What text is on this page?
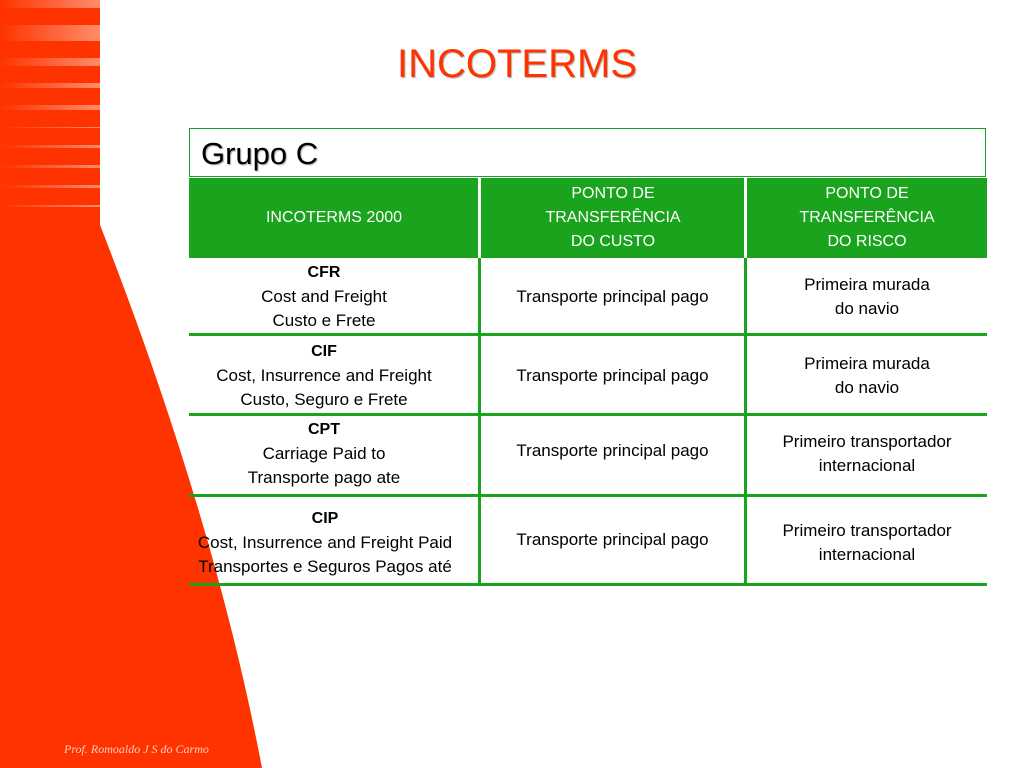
INCOTERMS
Grupo C
INCOTERMS 2000
PONTO DE
TRANSFERÊNCIA
DO CUSTO
PONTO DE
TRANSFERÊNCIA
DO RISCO
CFR
Cost and Freight
Custo e Frete
Transporte principal pago
Primeira murada
do navio
CIF
Cost, Insurrence and Freight
Custo, Seguro e Frete
Transporte principal pago
Primeira murada
do navio
CPT
Carriage Paid to
Transporte pago ate
Transporte principal pago	Primeiro transportador
internacional
CIP
Cost, Insurrence and Freight Paid
Transportes e Seguros Pagos até
Transporte principal pago	Primeiro transportador
internacional
Prof. Romoaldo J S do Carmo
